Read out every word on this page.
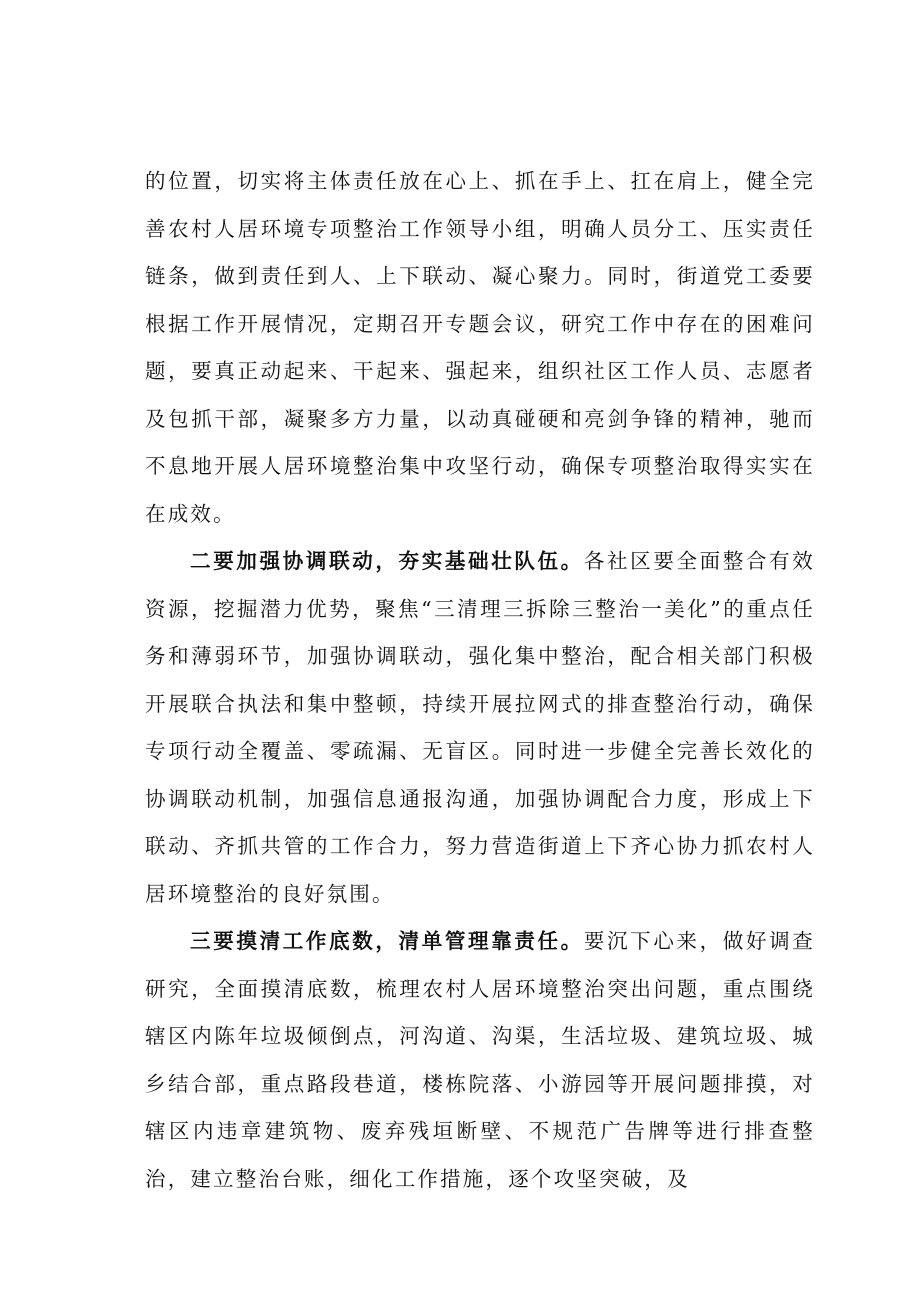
的位置，切实将主体责任放在心上、抓在手上、扛在肩上，健全完善农村人居环境专项整治工作领导小组，明确人员分工、压实责任链条，做到责任到人、上下联动、凝心聚力。同时，街道党工委要根据工作开展情况，定期召开专题会议，研究工作中存在的困难问题，要真正动起来、干起来、强起来，组织社区工作人员、志愿者及包抓干部，凝聚多方力量，以动真碰硬和亮剑争锋的精神，驰而不息地开展人居环境整治集中攻坚行动，确保专项整治取得实实在在成效。

二要加强协调联动，夯实基础壮队伍。各社区要全面整合有效资源，挖掘潜力优势，聚焦“三清理三拆除三整治一美化”的重点任务和薄弱环节，加强协调联动，强化集中整治，配合相关部门积极开展联合执法和集中整顿，持续开展拉网式的排查整治行动，确保专项行动全覆盖、零疏漏、无盲区。同时进一步健全完善长效化的协调联动机制，加强信息通报沟通，加强协调配合力度，形成上下联动、齐抓共管的工作合力，努力营造街道上下齐心协力抓农村人居环境整治的良好氛围。

三要摸清工作底数，清单管理靠责任。要沉下心来，做好调查研究，全面摸清底数，梳理农村人居环境整治突出问题，重点围绕辖区内陈年垃圾倾倒点，河沟道、沟渠，生活垃圾、建筑垃圾、城乡结合部，重点路段巷道，楼栋院落、小游园等开展问题排摸，对辖区内违章建筑物、废弃残垣断壁、不规范广告牌等进行排查整治，建立整治台账，细化工作措施，逐个攻坚突破，及
